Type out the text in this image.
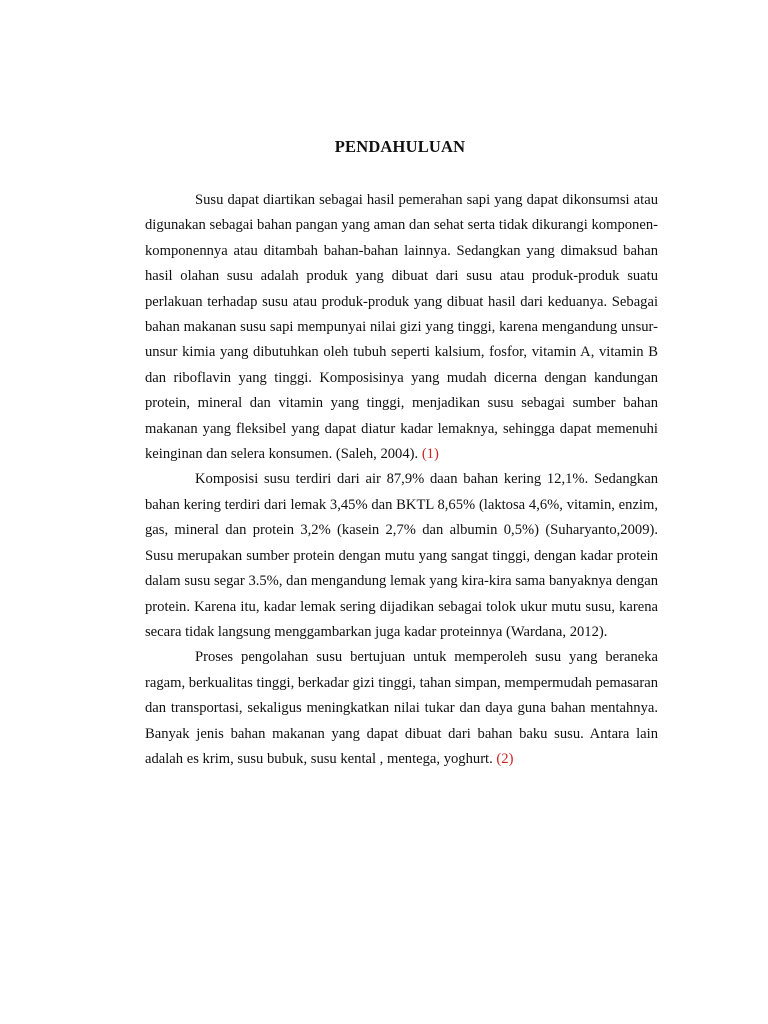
PENDAHULUAN

Susu dapat diartikan sebagai hasil pemerahan sapi yang dapat dikonsumsi atau digunakan sebagai bahan pangan yang aman dan sehat serta tidak dikurangi komponen-komponennya atau ditambah bahan-bahan lainnya. Sedangkan yang dimaksud bahan hasil olahan susu adalah produk yang dibuat dari susu atau produk-produk suatu perlakuan terhadap susu atau produk-produk yang dibuat hasil dari keduanya. Sebagai bahan makanan susu sapi mempunyai nilai gizi yang tinggi, karena mengandung unsur-unsur kimia yang dibutuhkan oleh tubuh seperti kalsium, fosfor, vitamin A, vitamin B dan riboflavin yang tinggi. Komposisinya yang mudah dicerna dengan kandungan protein, mineral dan vitamin yang tinggi, menjadikan susu sebagai sumber bahan makanan yang fleksibel yang dapat diatur kadar lemaknya, sehingga dapat memenuhi keinginan dan selera konsumen. (Saleh, 2004). (1)

Komposisi susu terdiri dari air 87,9% daan bahan kering 12,1%. Sedangkan bahan kering terdiri dari lemak 3,45% dan BKTL 8,65% (laktosa 4,6%, vitamin, enzim, gas, mineral dan protein 3,2% (kasein 2,7% dan albumin 0,5%) (Suharyanto,2009). Susu merupakan sumber protein dengan mutu yang sangat tinggi, dengan kadar protein dalam susu segar 3.5%, dan mengandung lemak yang kira-kira sama banyaknya dengan protein. Karena itu, kadar lemak sering dijadikan sebagai tolok ukur mutu susu, karena secara tidak langsung menggambarkan juga kadar proteinnya (Wardana, 2012).

Proses pengolahan susu bertujuan untuk memperoleh susu yang beraneka ragam, berkualitas tinggi, berkadar gizi tinggi, tahan simpan, mempermudah pemasaran dan transportasi, sekaligus meningkatkan nilai tukar dan daya guna bahan mentahnya. Banyak jenis bahan makanan yang dapat dibuat dari bahan baku susu. Antara lain adalah es krim, susu bubuk, susu kental , mentega, yoghurt. (2)
